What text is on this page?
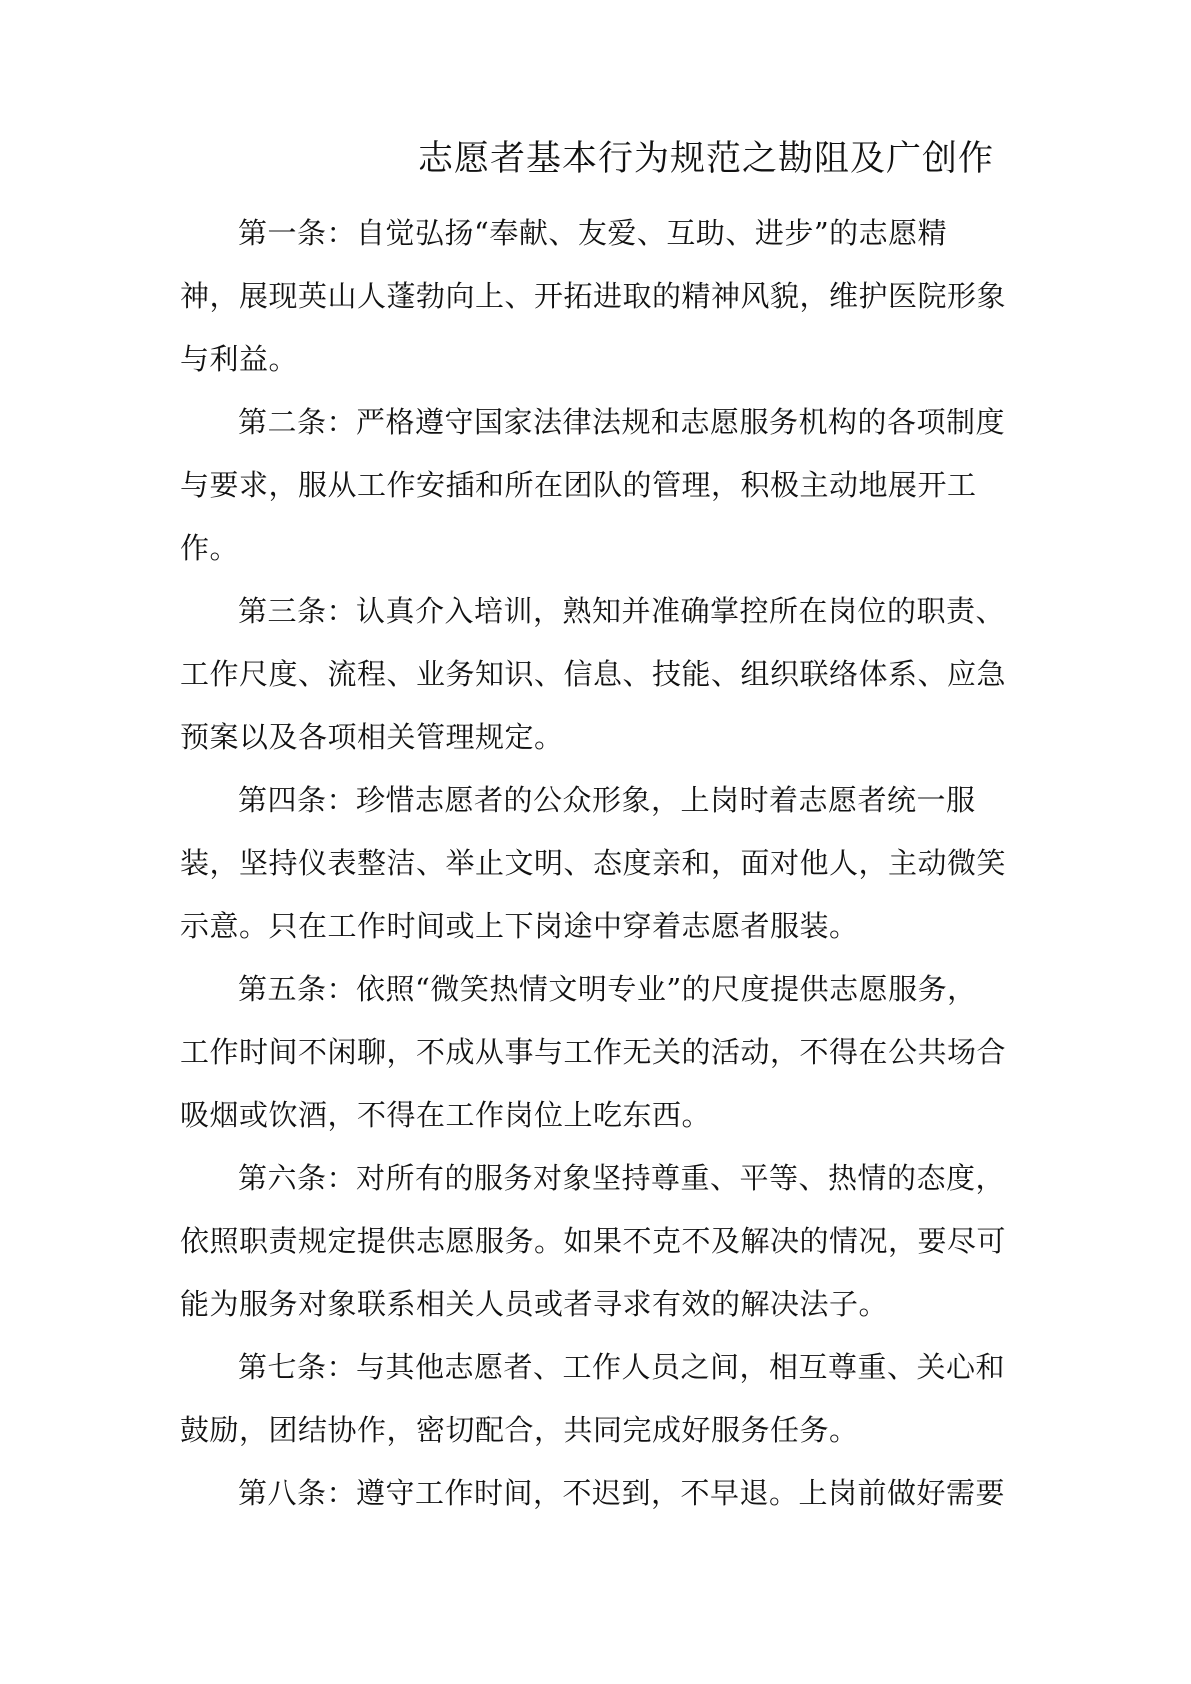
志愿者基本行为规范之勘阻及广创作

第一条：自觉弘扬“奉献、友爱、互助、进步”的志愿精
神，展现英山人蓬勃向上、开拓进取的精神风貌，维护医院形象
与利益。

第二条：严格遵守国家法律法规和志愿服务机构的各项制度
与要求，服从工作安插和所在团队的管理，积极主动地展开工
作。

第三条：认真介入培训，熟知并准确掌控所在岗位的职责、
工作尺度、流程、业务知识、信息、技能、组织联络体系、应急
预案以及各项相关管理规定。

第四条：珍惜志愿者的公众形象，上岗时着志愿者统一服
装，坚持仪表整洁、举止文明、态度亲和，面对他人，主动微笑
示意。只在工作时间或上下岗途中穿着志愿者服装。

第五条：依照“微笑热情文明专业”的尺度提供志愿服务，
工作时间不闲聊，不成从事与工作无关的活动，不得在公共场合
吸烟或饮酒，不得在工作岗位上吃东西。

第六条：对所有的服务对象坚持尊重、平等、热情的态度，
依照职责规定提供志愿服务。如果不克不及解决的情况，要尽可
能为服务对象联系相关人员或者寻求有效的解决法子。

第七条：与其他志愿者、工作人员之间，相互尊重、关心和
鼓励，团结协作，密切配合，共同完成好服务任务。

第八条：遵守工作时间，不迟到，不早退。上岗前做好需要
